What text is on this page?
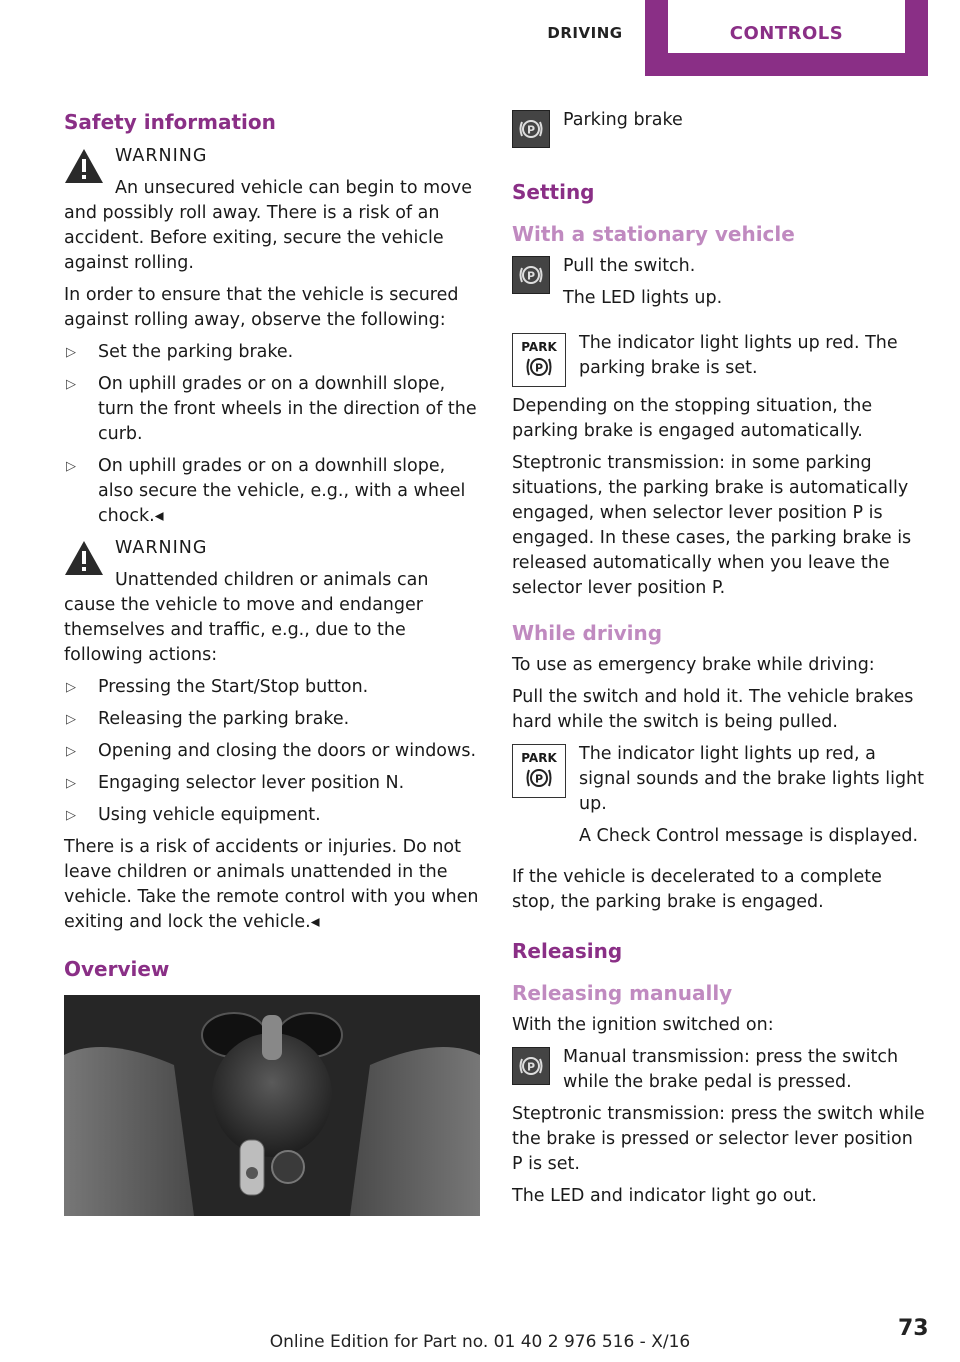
DRIVING	CONTROLS
Safety information
WARNING
An unsecured vehicle can begin to move and possibly roll away. There is a risk of an accident. Before exiting, secure the vehicle against rolling.

In order to ensure that the vehicle is secured against rolling away, observe the following:

▷ Set the parking brake.
▷ On uphill grades or on a downhill slope, turn the front wheels in the direction of the curb.
▷ On uphill grades or on a downhill slope, also secure the vehicle, e.g., with a wheel chock.◂
WARNING
Unattended children or animals can cause the vehicle to move and endanger themselves and traffic, e.g., due to the following actions:
▷ Pressing the Start/Stop button.
▷ Releasing the parking brake.
▷ Opening and closing the doors or windows.
▷ Engaging selector lever position N.
▷ Using vehicle equipment.

There is a risk of accidents or injuries. Do not leave children or animals unattended in the vehicle. Take the remote control with you when exiting and lock the vehicle.◂

Overview
P Parking brake
Setting
With a stationary vehicle
P Pull the switch.

The LED lights up.

PARK
P

The indicator light lights up red. The parking brake is set.

Depending on the stopping situation, the parking brake is engaged automatically.

Steptronic transmission: in some parking situations, the parking brake is automatically engaged, when selector lever position P is engaged. In these cases, the parking brake is released automatically when you leave the selector lever position P.

While driving

To use as emergency brake while driving:

Pull the switch and hold it. The vehicle brakes hard while the switch is being pulled.

PARK
P

The indicator light lights up red, a signal sounds and the brake lights light up.

A Check Control message is displayed.

If the vehicle is decelerated to a complete stop, the parking brake is engaged.

Releasing
Releasing manually

With the ignition switched on:

P Manual transmission: press the switch while the brake pedal is pressed.

Steptronic transmission: press the switch while the brake is pressed or selector lever position P is set.

The LED and indicator light go out.

Online Edition for Part no. 01 40 2 976 516 - X/16
73
